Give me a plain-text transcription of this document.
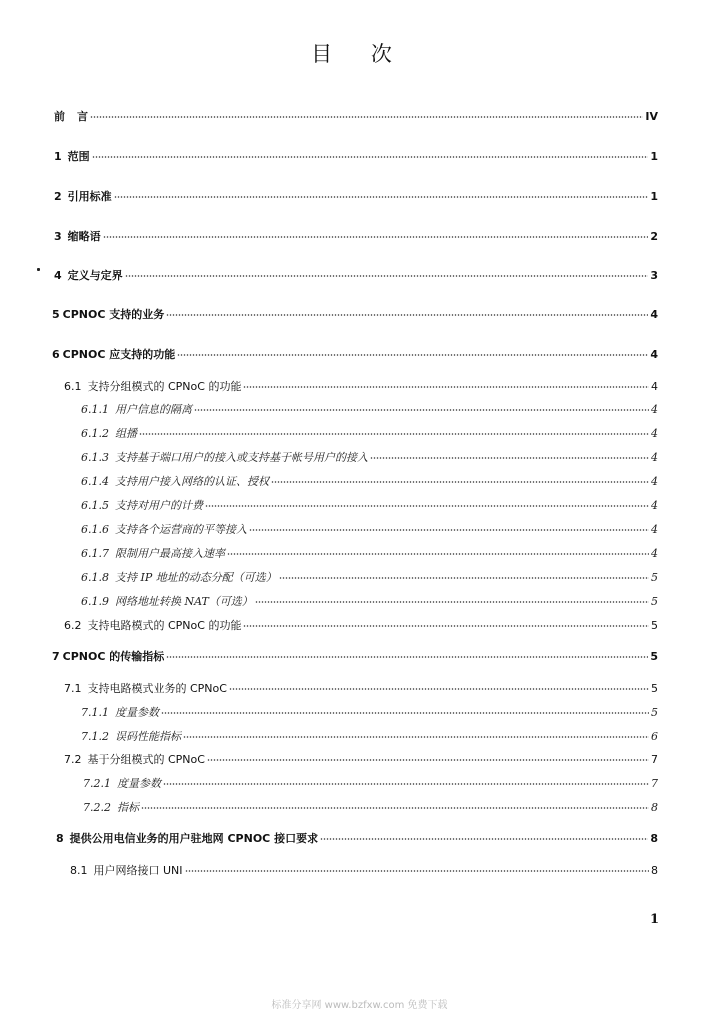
目 次
前	言	IV
1 范围	1
2 引用标准	1
3 缩略语	2
4 定义与定界	3
5 CPNOC 支持的业务	4
6 CPNOC 应支持的功能	4
6.1 支持分组模式的 CPNoC 的功能	4
6.1.1 用户信息的隔离	4
6.1.2 组播	4
6.1.3 支持基于端口用户的接入或支持基于帐号用户的接入	4
6.1.4 支持用户接入网络的认证、授权	4
6.1.5 支持对用户的计费	4
6.1.6 支持各个运营商的平等接入	4
6.1.7 限制用户最高接入速率	4
6.1.8 支持 IP 地址的动态分配（可选）	5
6.1.9 网络地址转换 NAT（可选）	5
6.2 支持电路模式的 CPNoC 的功能	5
7 CPNOC 的传输指标	5
7.1 支持电路模式业务的 CPNoC	5
7.1.1 度量参数	5
7.1.2 误码性能指标	6
7.2 基于分组模式的 CPNoC	7
7.2.1 度量参数	7
7.2.2 指标	8
8 提供公用电信业务的用户驻地网 CPNOC 接口要求	8
8.1 用户网络接口 UNI	8
1
标准分享网 www.bzfxw.com 免费下载
